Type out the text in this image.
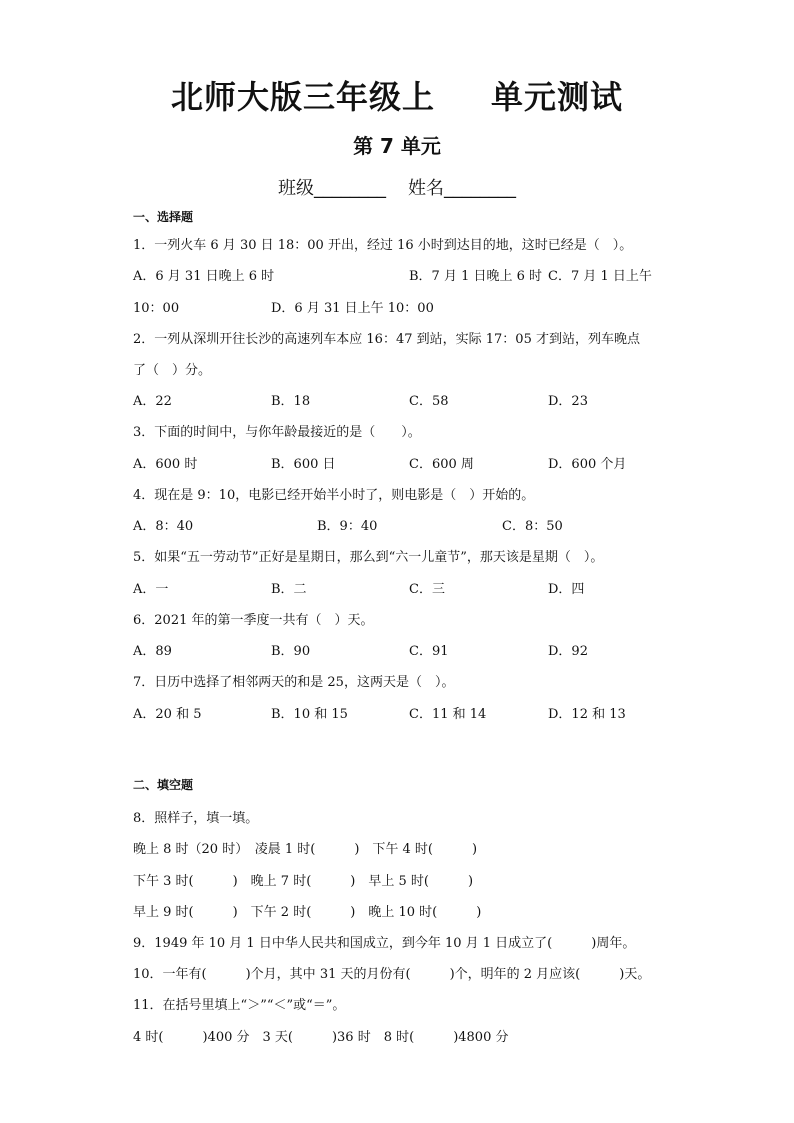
北师大版三年级上 单元测试
第 7 单元
班级________ 姓名________
一、选择题
1．一列火车 6 月 30 日 18：00 开出，经过 16 小时到达目的地，这时已经是（　）。
A．6 月 31 日晚上 6 时	B．7 月 1 日晚上 6 时 C．7 月 1 日上午
10：00	D．6 月 31 日上午 10：00
2．一列从深圳开往长沙的高速列车本应 16：47 到站，实际 17：05 才到站，列车晚点
了（　）分。
A．22	B．18	C．58	D．23
3．下面的时间中，与你年龄最接近的是（　　）。
A．600 时	B．600 日	C．600 周	D．600 个月
4．现在是 9：10，电影已经开始半小时了，则电影是（　）开始的。
A．8：40	B．9：40	C．8：50
5．如果“五一劳动节”正好是星期日，那么到“六一儿童节”，那天该是星期（　）。
A．一	B．二	C．三	D．四
6．2021 年的第一季度一共有（　）天。
A．89	B．90	C．91	D．92
7．日历中选择了相邻两天的和是 25，这两天是（　）。
A．20 和 5	B．10 和 15	C．11 和 14	D．12 和 13
二、填空题
8．照样子，填一填。
晚上 8 时（20 时）　凌晨 1 时(　　　)　下午 4 时(　　　)
下午 3 时(　　　)　晚上 7 时(　　　)　早上 5 时(　　　)
早上 9 时(　　　)　下午 2 时(　　　)　晚上 10 时(　　　)
9．1949 年 10 月 1 日中华人民共和国成立，到今年 10 月 1 日成立了(　　　)周年。
10．一年有(　　　)个月，其中 31 天的月份有(　　　)个，明年的 2 月应该(　　　)天。
11．在括号里填上“＞”“＜”或“＝”。
4 时(　　　)400 分　3 天(　　　)36 时　8 时(　　　)4800 分
